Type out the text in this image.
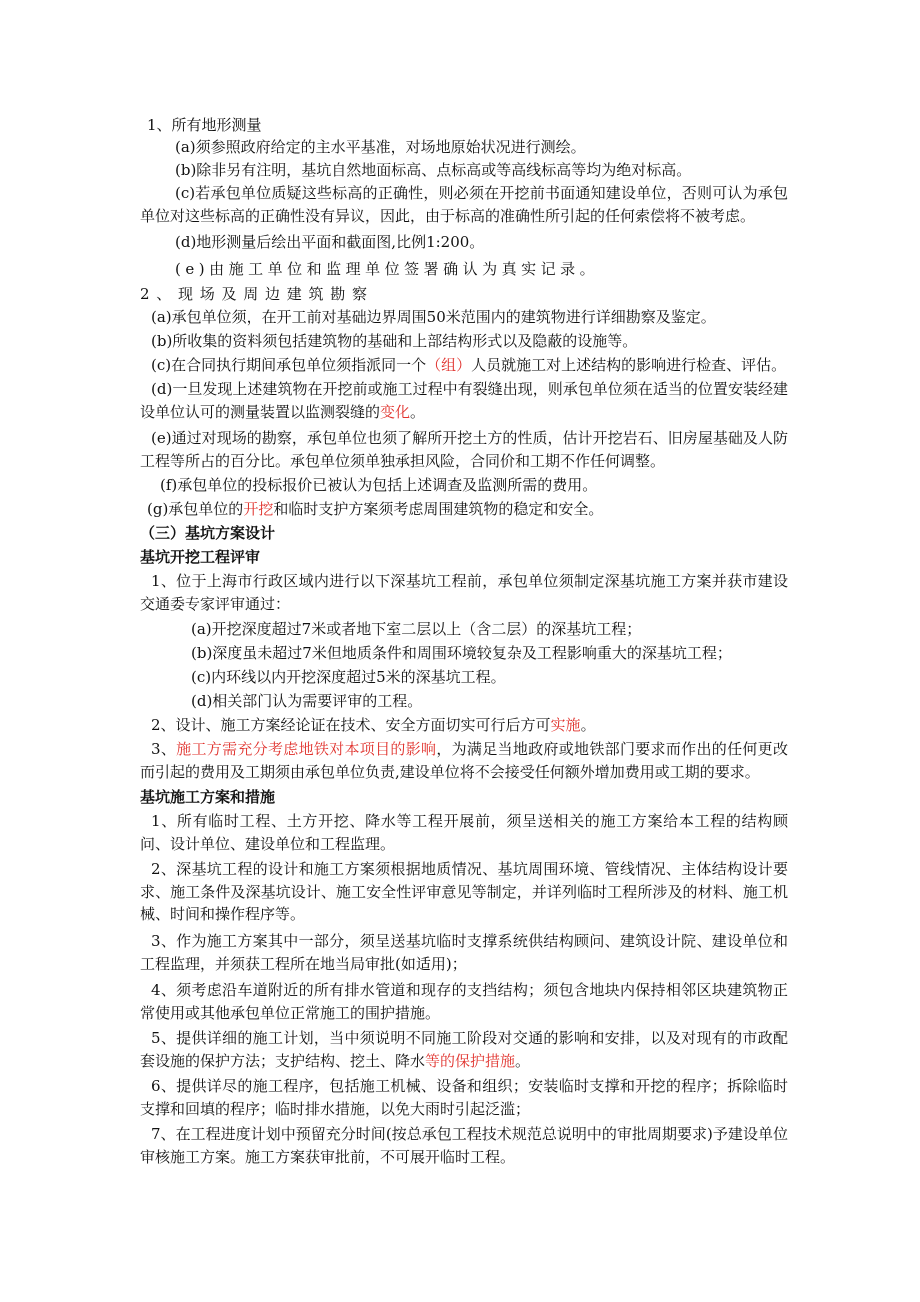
1、所有地形测量

(a)须参照政府给定的主水平基准，对场地原始状况进行测绘。

(b)除非另有注明，基坑自然地面标高、点标高或等高线标高等均为绝对标高。

(c)若承包单位质疑这些标高的正确性，则必须在开挖前书面通知建设单位，否则可认为承包单位对这些标高的正确性没有异议，因此，由于标高的准确性所引起的任何索偿将不被考虑。

(d)地形测量后绘出平面和截面图,比例1:200。

(e)由施工单位和监理单位签署确认为真实记录。

2、现场及周边建筑勘察

(a)承包单位须，在开工前对基础边界周围50米范围内的建筑物进行详细勘察及鉴定。

(b)所收集的资料须包括建筑物的基础和上部结构形式以及隐蔽的设施等。

(c)在合同执行期间承包单位须指派同一个（组）人员就施工对上述结构的影响进行检查、评估。

(d)一旦发现上述建筑物在开挖前或施工过程中有裂缝出现，则承包单位须在适当的位置安装经建设单位认可的测量装置以监测裂缝的变化。

(e)通过对现场的勘察，承包单位也须了解所开挖土方的性质，估计开挖岩石、旧房屋基础及人防工程等所占的百分比。承包单位须单独承担风险，合同价和工期不作任何调整。

(f)承包单位的投标报价已被认为包括上述调查及监测所需的费用。

(g)承包单位的开挖和临时支护方案须考虑周围建筑物的稳定和安全。

（三）基坑方案设计

基坑开挖工程评审

1、位于上海市行政区域内进行以下深基坑工程前，承包单位须制定深基坑施工方案并获市建设交通委专家评审通过：

(a)开挖深度超过7米或者地下室二层以上（含二层）的深基坑工程；

(b)深度虽未超过7米但地质条件和周围环境较复杂及工程影响重大的深基坑工程；

(c)内环线以内开挖深度超过5米的深基坑工程。

(d)相关部门认为需要评审的工程。

2、设计、施工方案经论证在技术、安全方面切实可行后方可实施。

3、施工方需充分考虑地铁对本项目的影响，为满足当地政府或地铁部门要求而作出的任何更改而引起的费用及工期须由承包单位负责,建设单位将不会接受任何额外增加费用或工期的要求。

基坑施工方案和措施

1、所有临时工程、土方开挖、降水等工程开展前，须呈送相关的施工方案给本工程的结构顾问、设计单位、建设单位和工程监理。

2、深基坑工程的设计和施工方案须根据地质情况、基坑周围环境、管线情况、主体结构设计要求、施工条件及深基坑设计、施工安全性评审意见等制定，并详列临时工程所涉及的材料、施工机械、时间和操作程序等。

3、作为施工方案其中一部分，须呈送基坑临时支撑系统供结构顾问、建筑设计院、建设单位和工程监理，并须获工程所在地当局审批(如适用)；

4、须考虑沿车道附近的所有排水管道和现存的支挡结构；须包含地块内保持相邻区块建筑物正常使用或其他承包单位正常施工的围护措施。

5、提供详细的施工计划，当中须说明不同施工阶段对交通的影响和安排，以及对现有的市政配套设施的保护方法；支护结构、挖土、降水等的保护措施。

6、提供详尽的施工程序，包括施工机械、设备和组织；安装临时支撑和开挖的程序；拆除临时支撑和回填的程序；临时排水措施，以免大雨时引起泛滥；

7、在工程进度计划中预留充分时间(按总承包工程技术规范总说明中的审批周期要求)予建设单位审核施工方案。施工方案获审批前，不可展开临时工程。
